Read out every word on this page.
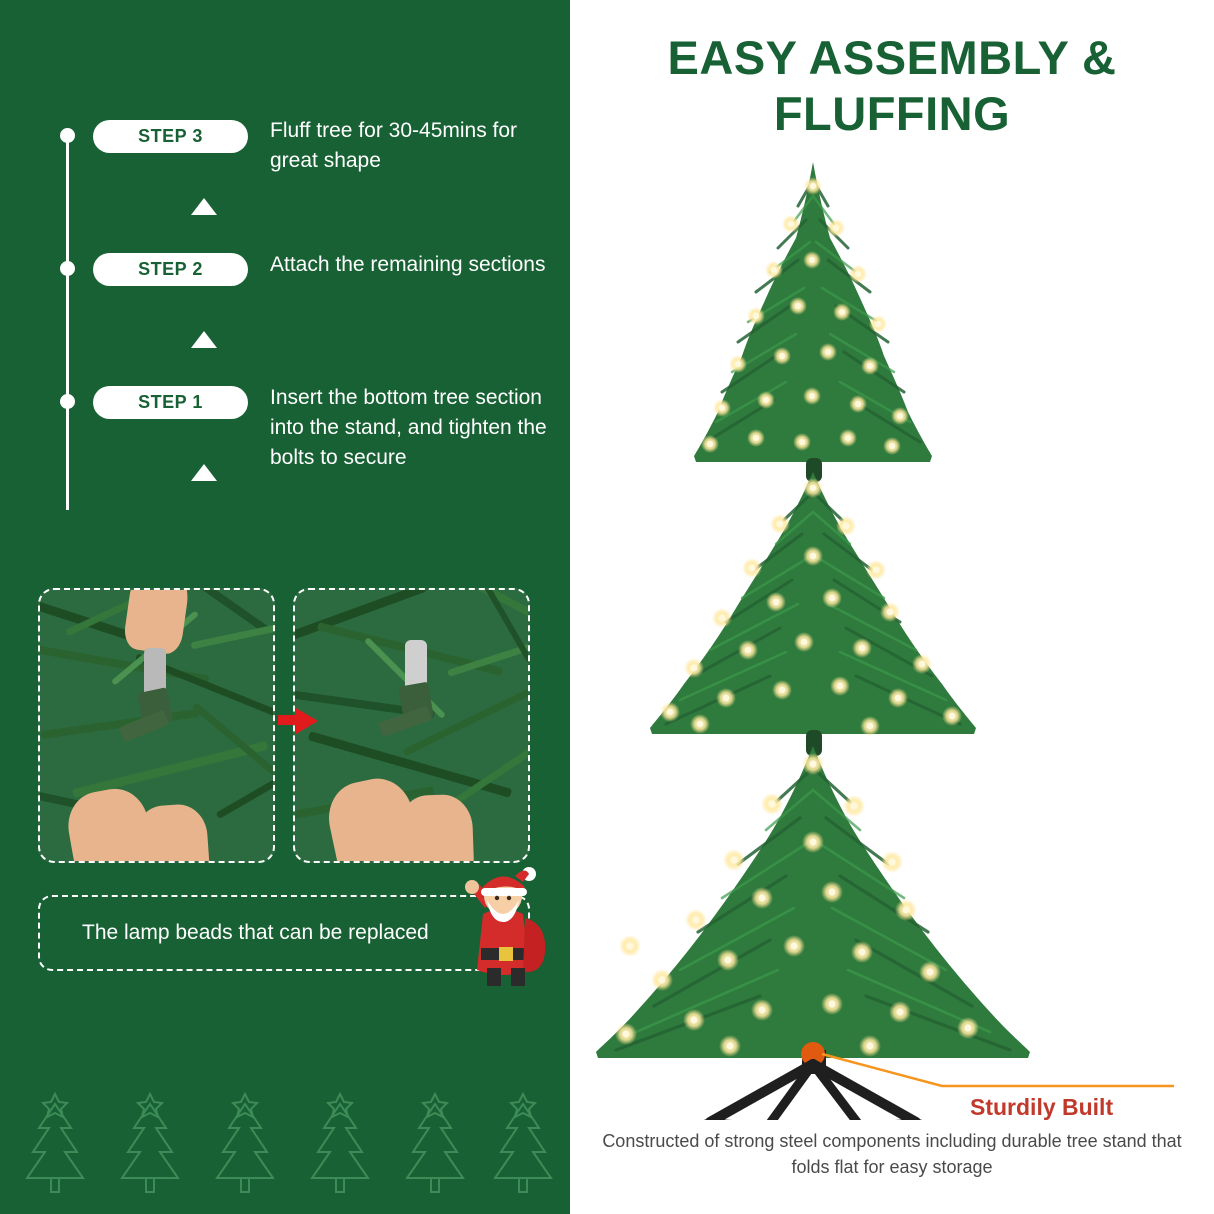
STEP 3	Fluff tree for 30-45mins for great shape
STEP 2	Attach the remaining sections
STEP 1	Insert the bottom tree section into the stand, and tighten the bolts to secure
The lamp beads that can be replaced
EASY ASSEMBLY &
FLUFFING
Sturdily Built
Constructed of strong steel components including durable tree stand that folds flat for easy storage
